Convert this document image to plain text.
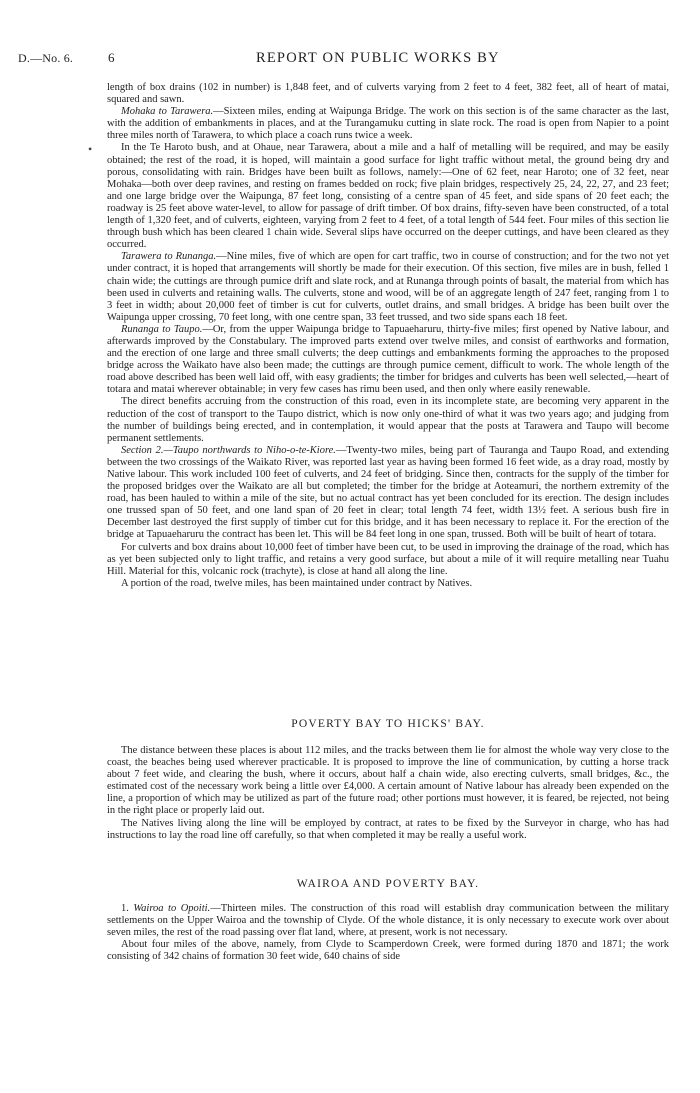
D.—No. 6.	6	REPORT ON PUBLIC WORKS BY
•

length of box drains (102 in number) is 1,848 feet, and of culverts varying from 2 feet to 4 feet, 382 feet, all of heart of matai, squared and sawn.

Mohaka to Tarawera.—Sixteen miles, ending at Waipunga Bridge. The work on this section is of the same character as the last, with the addition of embankments in places, and at the Turangamuku cutting in slate rock. The road is open from Napier to a point three miles north of Tarawera, to which place a coach runs twice a week.

In the Te Haroto bush, and at Ohaue, near Tarawera, about a mile and a half of metalling will be required, and may be easily obtained; the rest of the road, it is hoped, will maintain a good surface for light traffic without metal, the ground being dry and porous, consolidating with rain. Bridges have been built as follows, namely:—One of 62 feet, near Haroto; one of 32 feet, near Mohaka—both over deep ravines, and resting on frames bedded on rock; five plain bridges, respectively 25, 24, 22, 27, and 23 feet; and one large bridge over the Waipunga, 87 feet long, consisting of a centre span of 45 feet, and side spans of 20 feet each; the roadway is 25 feet above water-level, to allow for passage of drift timber. Of box drains, fifty-seven have been constructed, of a total length of 1,320 feet, and of culverts, eighteen, varying from 2 feet to 4 feet, of a total length of 544 feet. Four miles of this section lie through bush which has been cleared 1 chain wide. Several slips have occurred on the deeper cuttings, and have been cleared as they occurred.

Tarawera to Runanga.—Nine miles, five of which are open for cart traffic, two in course of construction; and for the two not yet under contract, it is hoped that arrangements will shortly be made for their execution. Of this section, five miles are in bush, felled 1 chain wide; the cuttings are through pumice drift and slate rock, and at Runanga through points of basalt, the material from which has been used in culverts and retaining walls. The culverts, stone and wood, will be of an aggregate length of 247 feet, ranging from 1 to 3 feet in width; about 20,000 feet of timber is cut for culverts, outlet drains, and small bridges. A bridge has been built over the Waipunga upper crossing, 70 feet long, with one centre span, 33 feet trussed, and two side spans each 18 feet.

Runanga to Taupo.—Or, from the upper Waipunga bridge to Tapuaeharuru, thirty-five miles; first opened by Native labour, and afterwards improved by the Constabulary. The improved parts extend over twelve miles, and consist of earthworks and formation, and the erection of one large and three small culverts; the deep cuttings and embankments forming the approaches to the proposed bridge across the Waikato have also been made; the cuttings are through pumice cement, difficult to work. The whole length of the road above described has been well laid off, with easy gradients; the timber for bridges and culverts has been well selected,—heart of totara and matai wherever obtainable; in very few cases has rimu been used, and then only where easily renewable.

The direct benefits accruing from the construction of this road, even in its incomplete state, are becoming very apparent in the reduction of the cost of transport to the Taupo district, which is now only one-third of what it was two years ago; and judging from the number of buildings being erected, and in contemplation, it would appear that the posts at Tarawera and Taupo will become permanent settlements.

Section 2.—Taupo northwards to Niho-o-te-Kiore.—Twenty-two miles, being part of Tauranga and Taupo Road, and extending between the two crossings of the Waikato River, was reported last year as having been formed 16 feet wide, as a dray road, mostly by Native labour. This work included 100 feet of culverts, and 24 feet of bridging. Since then, contracts for the supply of the timber for the proposed bridges over the Waikato are all but completed; the timber for the bridge at Aoteamuri, the northern extremity of the road, has been hauled to within a mile of the site, but no actual contract has yet been concluded for its erection. The design includes one trussed span of 50 feet, and one land span of 20 feet in clear; total length 74 feet, width 13½ feet. A serious bush fire in December last destroyed the first supply of timber cut for this bridge, and it has been necessary to replace it. For the erection of the bridge at Tapuaeharuru the contract has been let. This will be 84 feet long in one span, trussed. Both will be built of heart of totara.

For culverts and box drains about 10,000 feet of timber have been cut, to be used in improving the drainage of the road, which has as yet been subjected only to light traffic, and retains a very good surface, but about a mile of it will require metalling near Tuahu Hill. Material for this, volcanic rock (trachyte), is close at hand all along the line.

A portion of the road, twelve miles, has been maintained under contract by Natives.

POVERTY BAY TO HICKS' BAY.

The distance between these places is about 112 miles, and the tracks between them lie for almost the whole way very close to the coast, the beaches being used wherever practicable. It is proposed to improve the line of communication, by cutting a horse track about 7 feet wide, and clearing the bush, where it occurs, about half a chain wide, also erecting culverts, small bridges, &c., the estimated cost of the necessary work being a little over £4,000. A certain amount of Native labour has already been expended on the line, a proportion of which may be utilized as part of the future road; other portions must however, it is feared, be rejected, not being in the right place or properly laid out.

The Natives living along the line will be employed by contract, at rates to be fixed by the Surveyor in charge, who has had instructions to lay the road line off carefully, so that when completed it may be really a useful work.

WAIROA AND POVERTY BAY.

1. Wairoa to Opoiti.—Thirteen miles. The construction of this road will establish dray communication between the military settlements on the Upper Wairoa and the township of Clyde. Of the whole distance, it is only necessary to execute work over about seven miles, the rest of the road passing over flat land, where, at present, work is not necessary.

About four miles of the above, namely, from Clyde to Scamperdown Creek, were formed during 1870 and 1871; the work consisting of 342 chains of formation 30 feet wide, 640 chains of side
